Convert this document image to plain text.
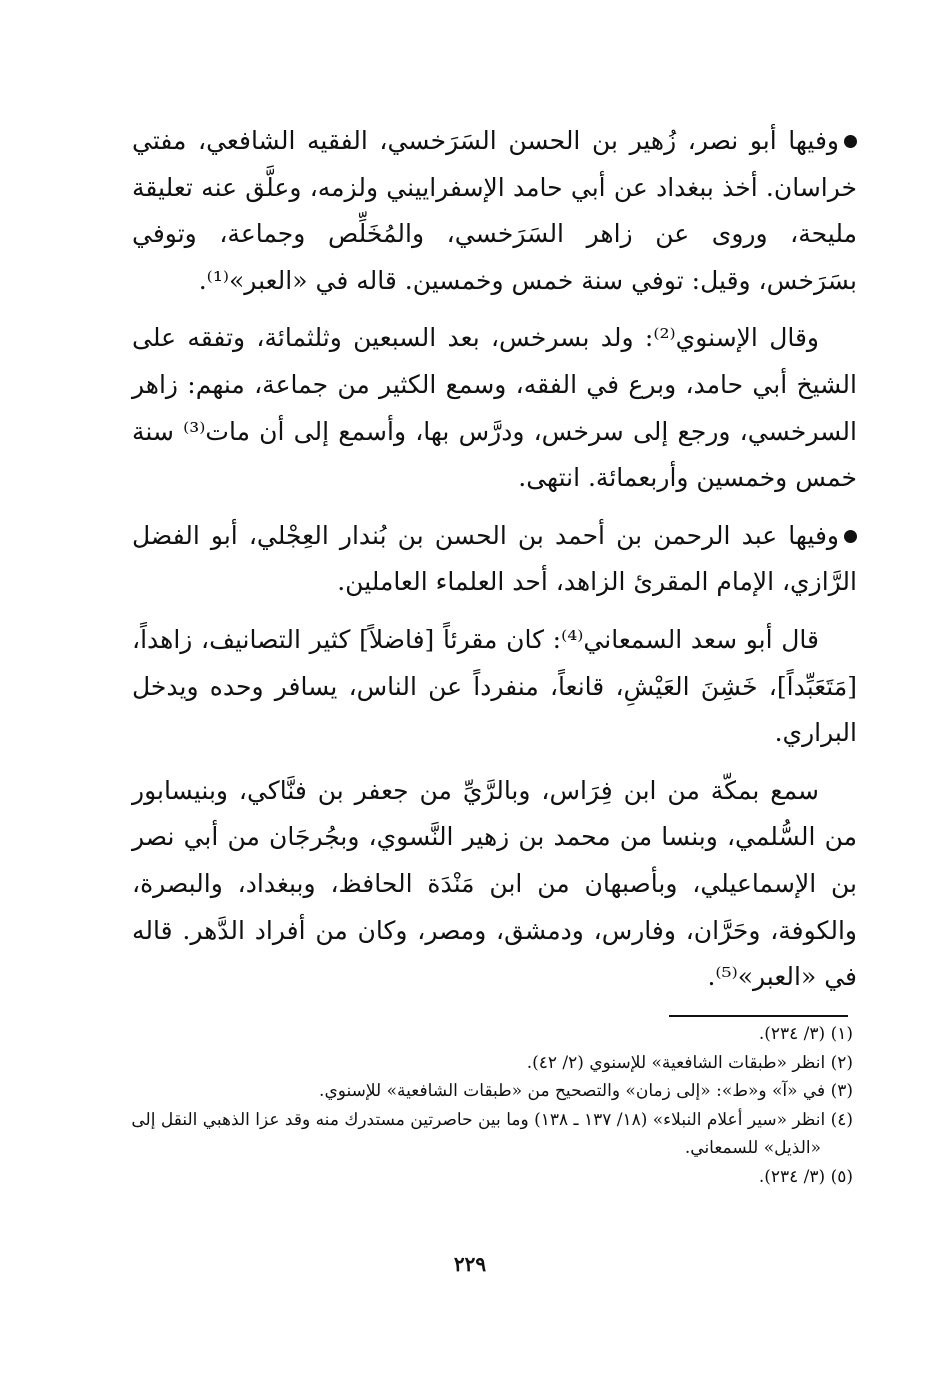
وفيها أبو نصر، زُهير بن الحسن السَرَخسي، الفقيه الشافعي، مفتي خراسان. أخذ ببغداد عن أبي حامد الإسفراييني ولزمه، وعلَّق عنه تعليقة مليحة، وروى عن زاهر السَرَخسي، والمُخَلِّص وجماعة، وتوفي بسَرَخس، وقيل: توفي سنة خمس وخمسين. قاله في «العبر»⁽¹⁾.

وقال الإسنوي⁽²⁾: ولد بسرخس، بعد السبعين وثلثمائة، وتفقه على الشيخ أبي حامد، وبرع في الفقه، وسمع الكثير من جماعة، منهم: زاهر السرخسي، ورجع إلى سرخس، ودرَّس بها، وأسمع إلى أن مات⁽³⁾ سنة خمس وخمسين وأربعمائة. انتهى.

وفيها عبد الرحمن بن أحمد بن الحسن بن بُندار العِجْلي، أبو الفضل الرَّازي، الإمام المقرئ الزاهد، أحد العلماء العاملين.

قال أبو سعد السمعاني⁽⁴⁾: كان مقرئاً [فاضلاً] كثير التصانيف، زاهداً، [مَتَعَبِّداً]، خَشِنَ العَيْشِ، قانعاً، منفرداً عن الناس، يسافر وحده ويدخل البراري.

سمع بمكّة من ابن فِرَاس، وبالرَّيِّ من جعفر بن فنَّاكي، وبنيسابور من السُّلمي، وبنسا من محمد بن زهير النَّسوي، وبجُرجَان من أبي نصر بن الإسماعيلي، وبأصبهان من ابن مَنْدَة الحافظ، وببغداد، والبصرة، والكوفة، وحَرَّان، وفارس، ودمشق، ومصر، وكان من أفراد الدَّهر. قاله في «العبر»⁽⁵⁾.

(١) (٣/ ٢٣٤).

(٢) انظر «طبقات الشافعية» للإسنوي (٢/ ٤٢).

(٣) في «آ» و«ط»: «إلى زمان» والتصحيح من «طبقات الشافعية» للإسنوي.

(٤) انظر «سير أعلام النبلاء» (١٨/ ١٣٧ ـ ١٣٨) وما بين حاصرتين مستدرك منه وقد عزا الذهبي النقل إلى «الذيل» للسمعاني.

(٥) (٣/ ٢٣٤).

٢٢٩
